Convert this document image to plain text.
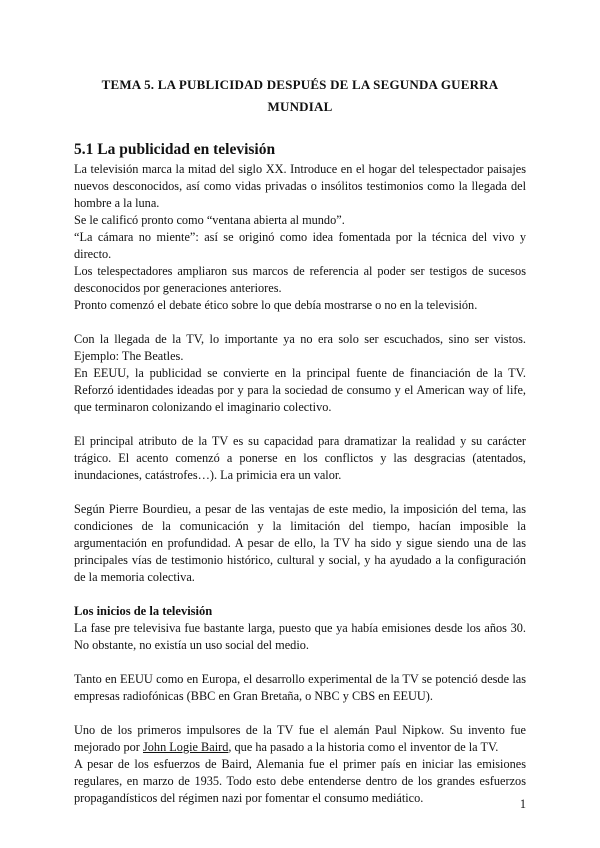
TEMA 5. LA PUBLICIDAD DESPUÉS DE LA SEGUNDA GUERRA MUNDIAL
5.1 La publicidad en televisión

La televisión marca la mitad del siglo XX. Introduce en el hogar del telespectador paisajes nuevos desconocidos, así como vidas privadas o insólitos testimonios como la llegada del hombre a la luna.

Se le calificó pronto como “ventana abierta al mundo”.

“La cámara no miente”: así se originó como idea fomentada por la técnica del vivo y directo.

Los telespectadores ampliaron sus marcos de referencia al poder ser testigos de sucesos desconocidos por generaciones anteriores.

Pronto comenzó el debate ético sobre lo que debía mostrarse o no en la televisión.

Con la llegada de la TV, lo importante ya no era solo ser escuchados, sino ser vistos. Ejemplo: The Beatles.

En EEUU, la publicidad se convierte en la principal fuente de financiación de la TV. Reforzó identidades ideadas por y para la sociedad de consumo y el American way of life, que terminaron colonizando el imaginario colectivo.

El principal atributo de la TV es su capacidad para dramatizar la realidad y su carácter trágico. El acento comenzó a ponerse en los conflictos y las desgracias (atentados, inundaciones, catástrofes…). La primicia era un valor.

Según Pierre Bourdieu, a pesar de las ventajas de este medio, la imposición del tema, las condiciones de la comunicación y la limitación del tiempo, hacían imposible la argumentación en profundidad. A pesar de ello, la TV ha sido y sigue siendo una de las principales vías de testimonio histórico, cultural y social, y ha ayudado a la configuración de la memoria colectiva.

Los inicios de la televisión

La fase pre televisiva fue bastante larga, puesto que ya había emisiones desde los años 30. No obstante, no existía un uso social del medio.

Tanto en EEUU como en Europa, el desarrollo experimental de la TV se potenció desde las empresas radiofónicas (BBC en Gran Bretaña, o NBC y CBS en EEUU).

Uno de los primeros impulsores de la TV fue el alemán Paul Nipkow. Su invento fue mejorado por John Logie Baird, que ha pasado a la historia como el inventor de la TV.

A pesar de los esfuerzos de Baird, Alemania fue el primer país en iniciar las emisiones regulares, en marzo de 1935. Todo esto debe entenderse dentro de los grandes esfuerzos propagandísticos del régimen nazi por fomentar el consumo mediático.	1
